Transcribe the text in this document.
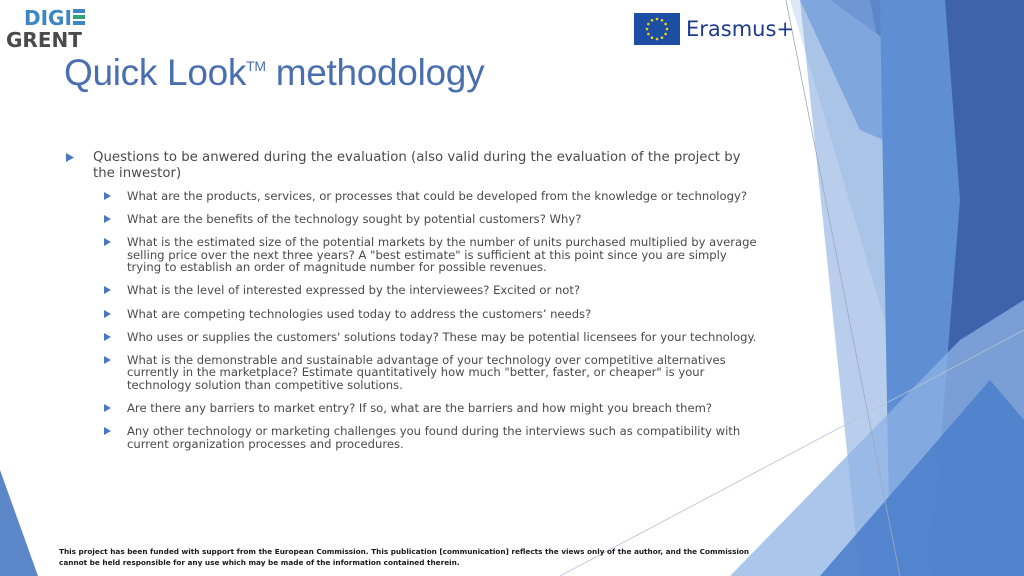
DIGI
GRENT	Erasmus+
Quick Look™ methodology
Questions to be anwered during the evaluation (also valid during the evaluation of the project by the inwestor)
What are the products, services, or processes that could be developed from the knowledge or technology?
What are the benefits of the technology sought by potential customers? Why?
What is the estimated size of the potential markets by the number of units purchased multiplied by average selling price over the next three years? A "best estimate" is sufficient at this point since you are simply trying to establish an order of magnitude number for possible revenues.
What is the level of interested expressed by the interviewees? Excited or not?
What are competing technologies used today to address the customers’ needs?
Who uses or supplies the customers' solutions today? These may be potential licensees for your technology.
What is the demonstrable and sustainable advantage of your technology over competitive alternatives currently in the marketplace? Estimate quantitatively how much "better, faster, or cheaper" is your technology solution than competitive solutions.
Are there any barriers to market entry? If so, what are the barriers and how might you breach them?
Any other technology or marketing challenges you found during the interviews such as compatibility with current organization processes and procedures.
This project has been funded with support from the European Commission. This publication [communication] reflects the views only of the author, and the Commission cannot be held responsible for any use which may be made of the information contained therein.
